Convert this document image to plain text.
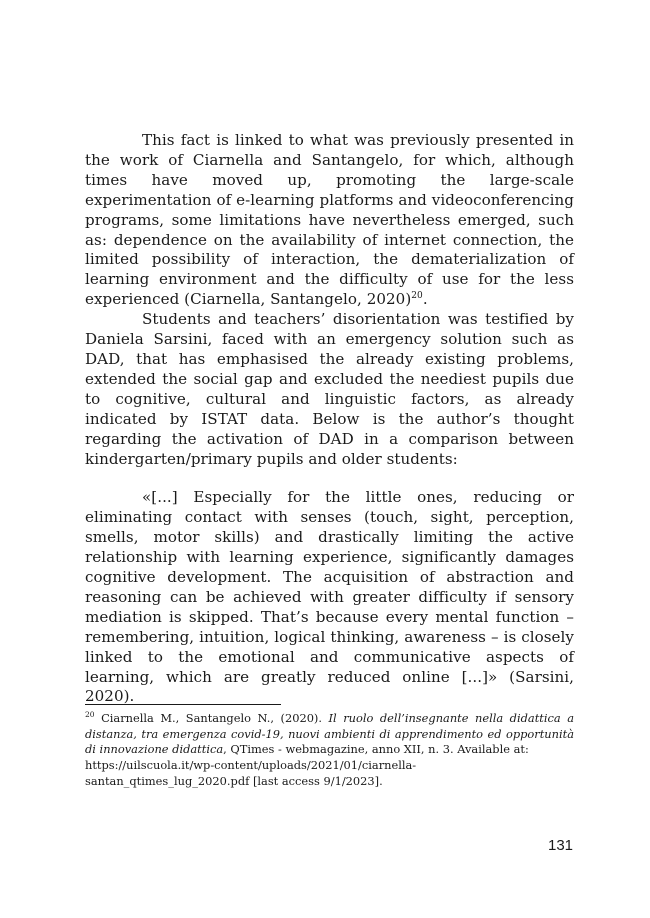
This fact is linked to what was previously presented in the work of Ciarnella and Santangelo, for which, although times have moved up, promoting the large-scale experimentation of e-learning platforms and videoconferencing programs, some limitations have nevertheless emerged, such as: dependence on the availability of internet connection, the limited possibility of interaction, the dematerialization of learning environment and the difficulty of use for the less experienced (Ciarnella, Santangelo, 2020)$^{20}$.

Students and teachers’ disorientation was testified by Daniela Sarsini, faced with an emergency solution such as DAD, that has emphasised the already existing problems, extended the social gap and excluded the neediest pupils due to cognitive, cultural and linguistic factors, as already indicated by ISTAT data. Below is the author’s thought regarding the activation of DAD in a comparison between kindergarten/primary pupils and older students:

«[...] Especially for the little ones, reducing or eliminating contact with senses (touch, sight, perception, smells, motor skills) and drastically limiting the active relationship with learning experience, significantly damages cognitive development. The acquisition of abstraction and reasoning can be achieved with greater difficulty if sensory mediation is skipped. That’s because every mental function – remembering, intuition, logical thinking, awareness – is closely linked to the emotional and communicative aspects of learning, which are greatly reduced online [...]» (Sarsini, 2020).

$^{20}$ Ciarnella M., Santangelo N., (2020). Il ruolo dell’insegnante nella didattica a distanza, tra emergenza covid-19, nuovi ambienti di apprendimento ed opportunità di innovazione didattica, QTimes - webmagazine, anno XII, n. 3. Available at:
https://uilscuola.it/wp-content/uploads/2021/01/ciarnella-
santan_qtimes_lug_2020.pdf [last access 9/1/2023].

131
